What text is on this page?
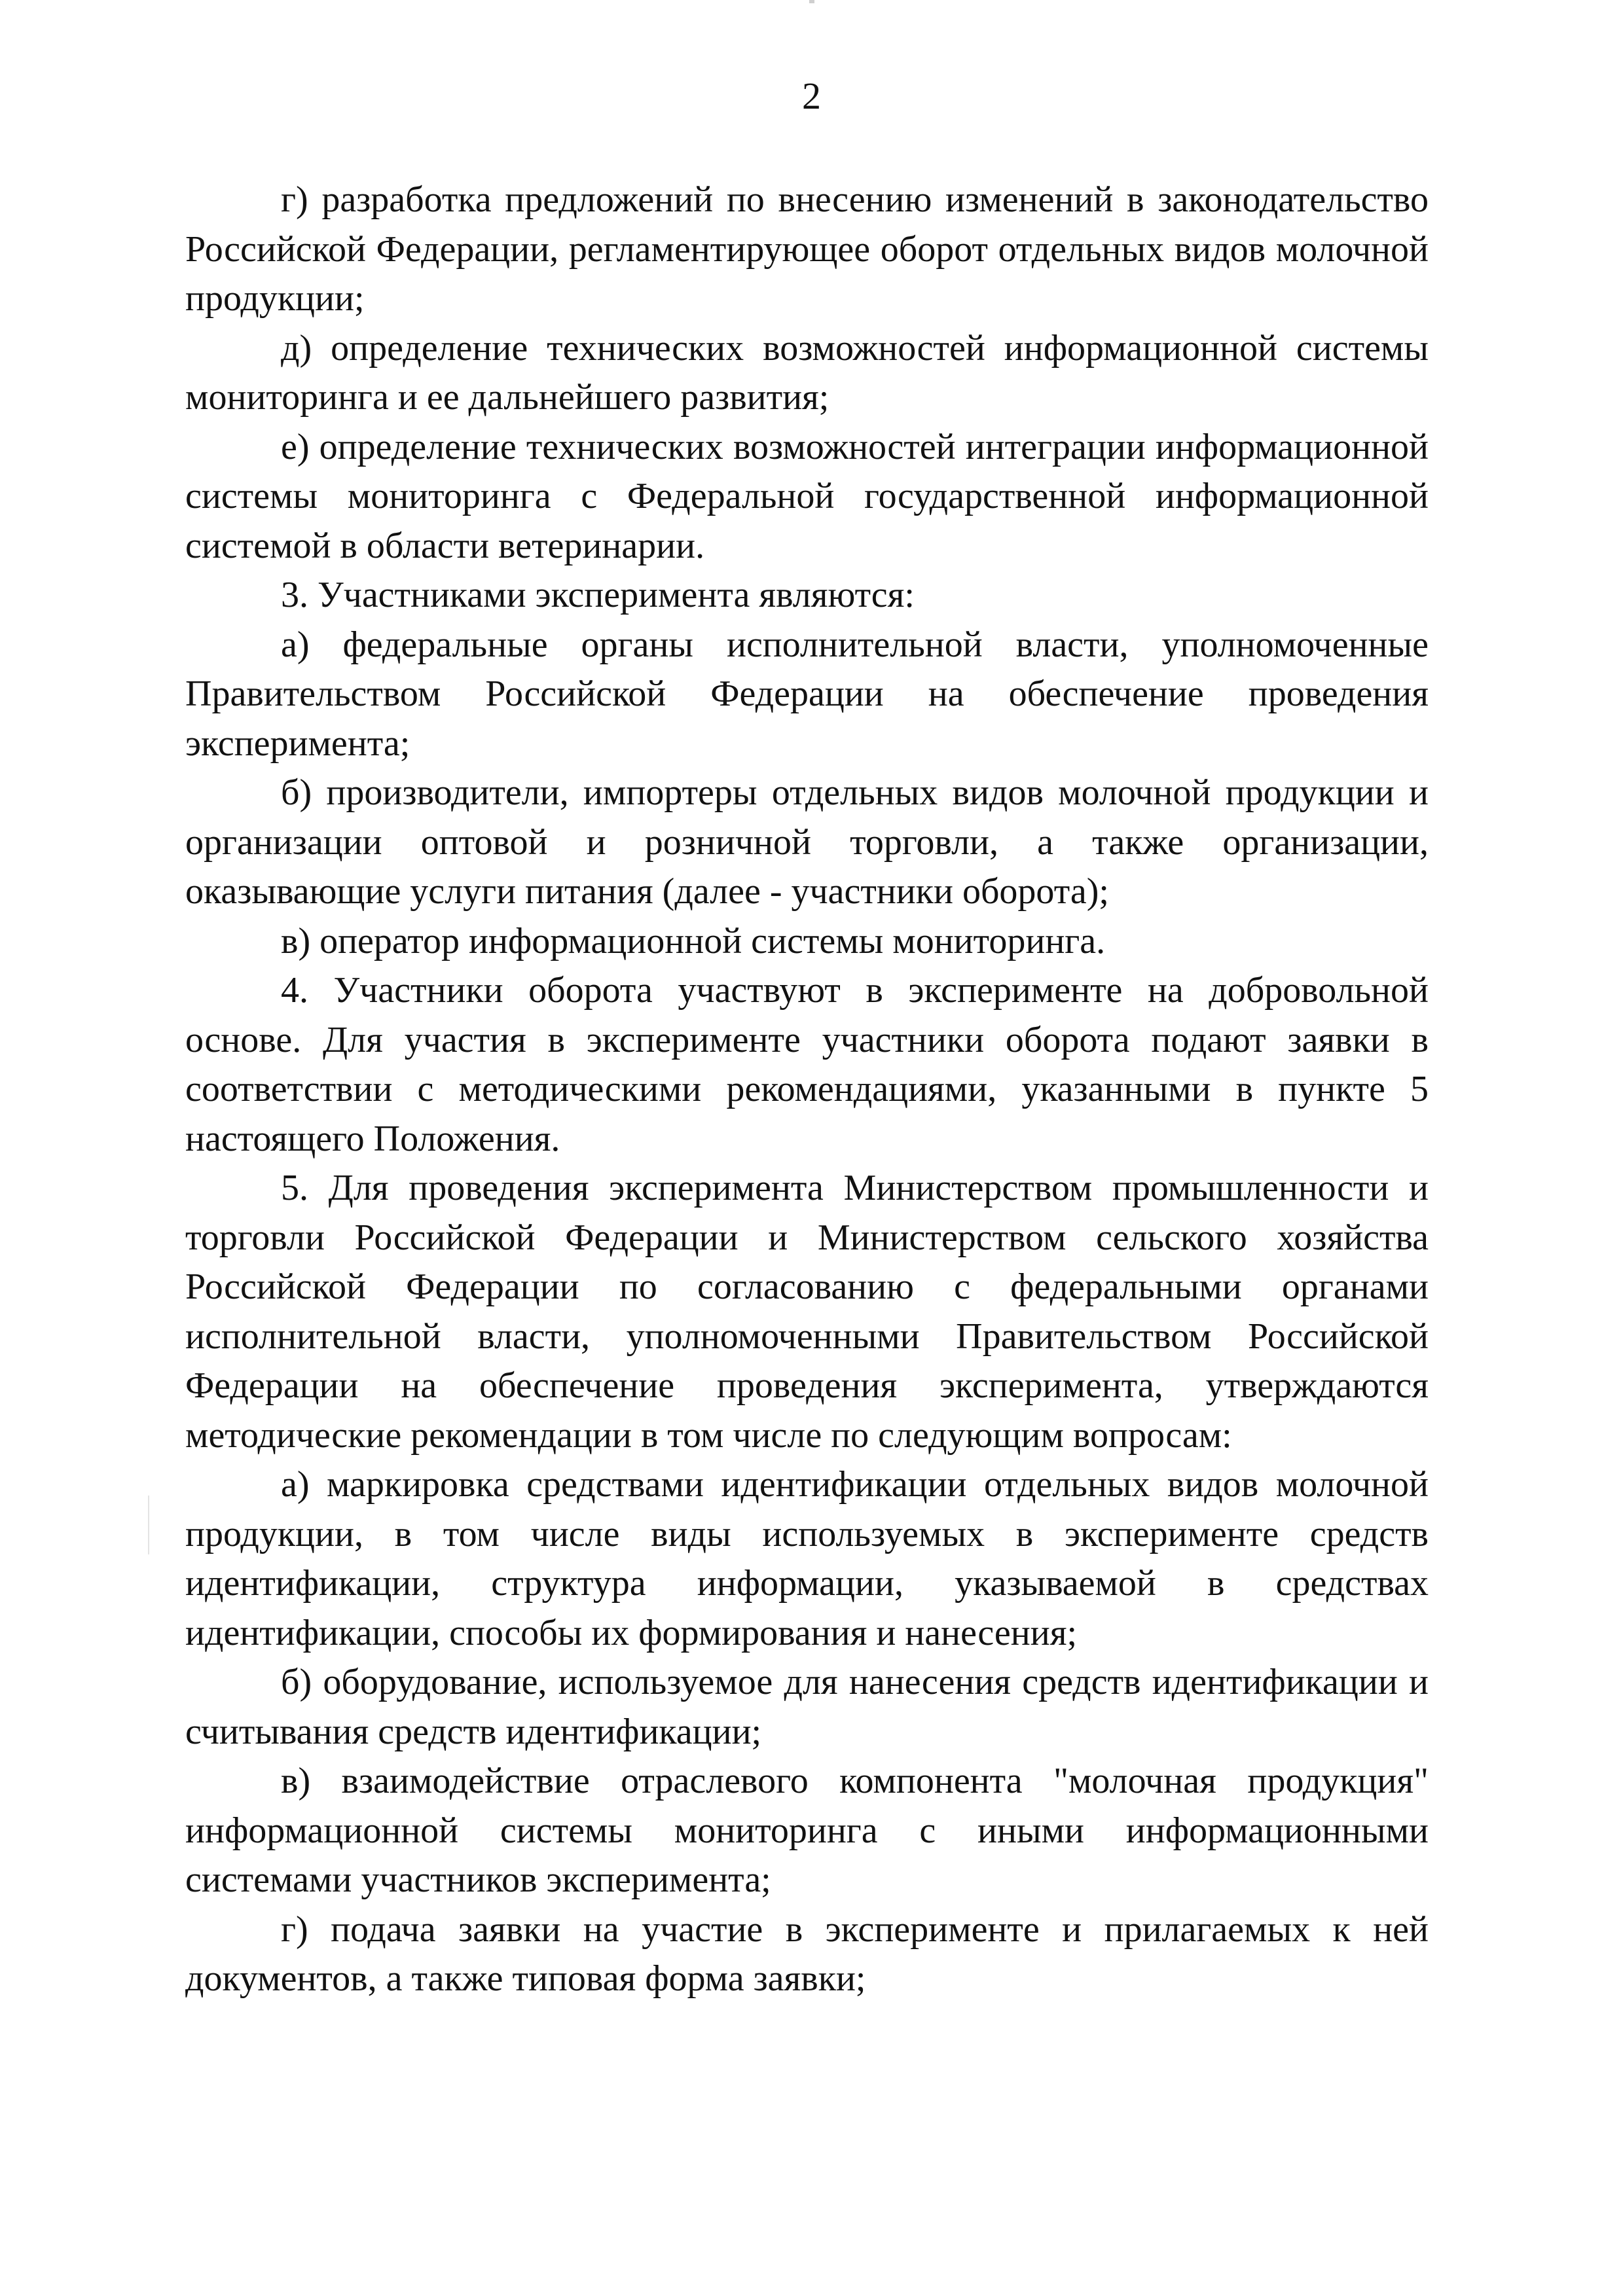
2

г) разработка предложений по внесению изменений в законодательство Российской Федерации, регламентирующее оборот отдельных видов молочной продукции;

д) определение технических возможностей информационной системы мониторинга и ее дальнейшего развития;

е) определение технических возможностей интеграции информационной системы мониторинга с Федеральной государственной информационной системой в области ветеринарии.

3. Участниками эксперимента являются:

а) федеральные органы исполнительной власти, уполномоченные Правительством Российской Федерации на обеспечение проведения эксперимента;

б) производители, импортеры отдельных видов молочной продукции и организации оптовой и розничной торговли, а также организации, оказывающие услуги питания (далее - участники оборота);

в) оператор информационной системы мониторинга.

4. Участники оборота участвуют в эксперименте на добровольной основе. Для участия в эксперименте участники оборота подают заявки в соответствии с методическими рекомендациями, указанными в пункте 5 настоящего Положения.

5. Для проведения эксперимента Министерством промышленности и торговли Российской Федерации и Министерством сельского хозяйства Российской Федерации по согласованию с федеральными органами исполнительной власти, уполномоченными Правительством Российской Федерации на обеспечение проведения эксперимента, утверждаются методические рекомендации в том числе по следующим вопросам:

а) маркировка средствами идентификации отдельных видов молочной продукции, в том числе виды используемых в эксперименте средств идентификации, структура информации, указываемой в средствах идентификации, способы их формирования и нанесения;

б) оборудование, используемое для нанесения средств идентификации и считывания средств идентификации;

в) взаимодействие отраслевого компонента "молочная продукция" информационной системы мониторинга с иными информационными системами участников эксперимента;

г) подача заявки на участие в эксперименте и прилагаемых к ней документов, а также типовая форма заявки;
